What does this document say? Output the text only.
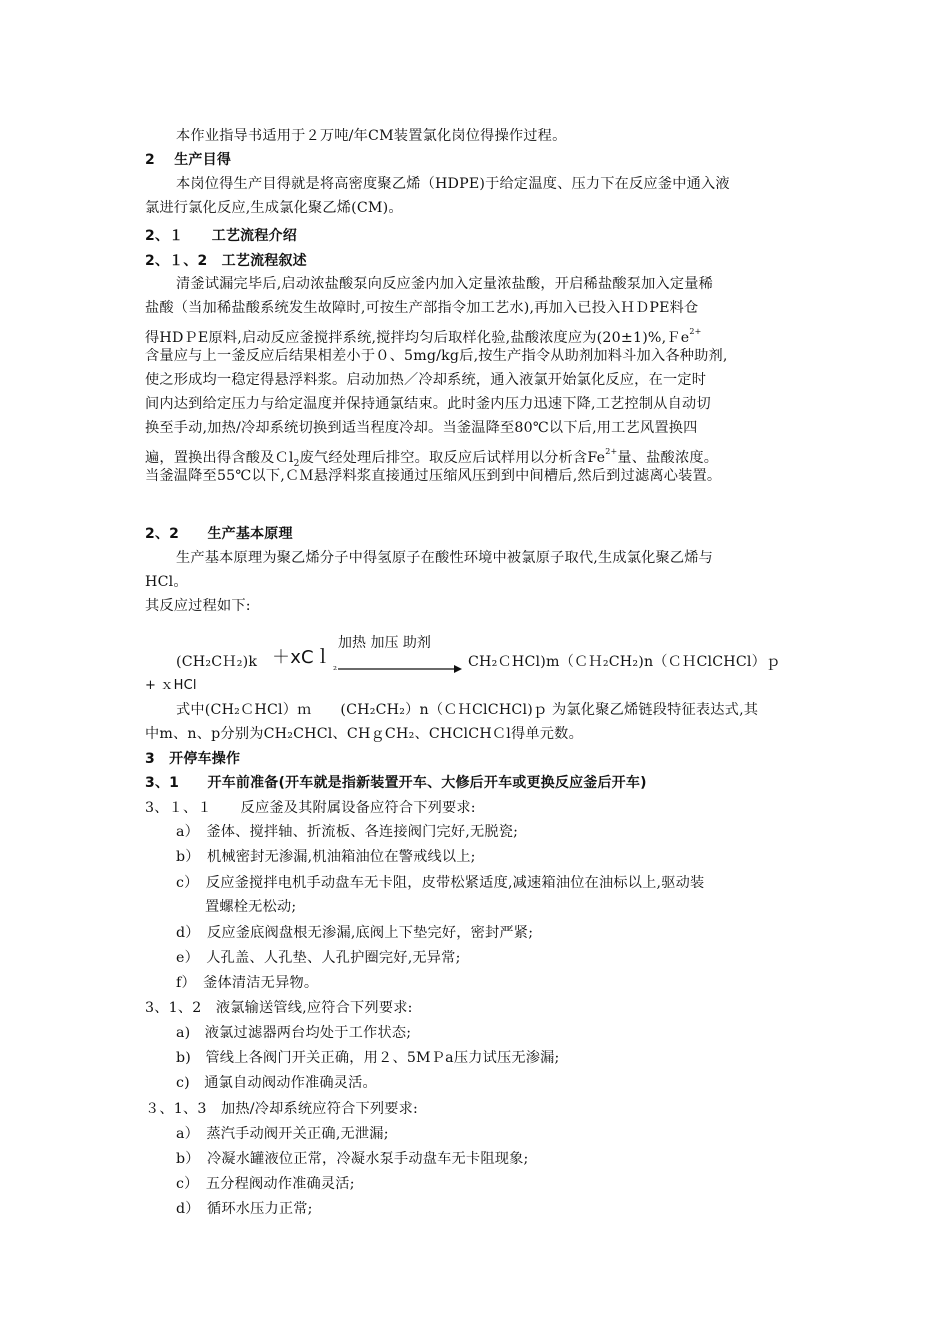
本作业指导书适用于２万吨/年CM装置氯化岗位得操作过程。
2　 生产目得
本岗位得生产目得就是将高密度聚乙烯（HDPE)于给定温度、压力下在反应釜中通入液
氯进行氯化反应,生成氯化聚乙烯(CM)。
2、１　　工艺流程介绍
2、１、2　工艺流程叙述
清釜试漏完毕后,启动浓盐酸泵向反应釜内加入定量浓盐酸，开启稀盐酸泵加入定量稀
盐酸（当加稀盐酸系统发生故障时,可按生产部指令加工艺水),再加入已投入ＨＤPE料仓
得HDＰE原料,启动反应釜搅拌系统,搅拌均匀后取样化验,盐酸浓度应为(20±1)%,Ｆe$^{2+}$
含量应与上一釜反应后结果相差小于０、5mg/kg后,按生产指令从助剂加料斗加入各种助剂,
使之形成均一稳定得悬浮料浆。启动加热／冷却系统，通入液氯开始氯化反应，在一定时
间内达到给定压力与给定温度并保持通氯结束。此时釜内压力迅速下降,工艺控制从自动切
换至手动,加热/冷却系统切换到适当程度冷却。当釜温降至80℃以下后,用工艺风置换四
遍，置换出得含酸及Ｃl$_2$废气经处理后排空。取反应后试样用以分析含$Fe^{2+}$量、盐酸浓度。
当釜温降至55℃以下,ＣＭ悬浮料浆直接通过压缩风压到到中间槽后,然后到过滤离心装置。
2、2　　生产基本原理
生产基本原理为聚乙烯分子中得氢原子在酸性环境中被氯原子取代,生成氯化聚乙烯与
HCl。
其反应过程如下:
加热 加压 助剂
(CH₂CＨ₂)k ＋xCｌ ₂	CH₂ＣHCl)m（ＣＨ₂CH₂)n（ＣＨClCHCl）ｐ
+ ｘHCl
式中(CH₂ＣHCl）ｍ　　(CH₂CH₂）n（ＣＨClCHCl)ｐ 为氯化聚乙烯链段特征表达式,其
中m、n、p分别为CH₂CHCl、CHｇCH₂、CHClCHＣl得单元数。
3　开停车操作
3、1　　开车前准备(开车就是指新装置开车、大修后开车或更换反应釜后开车)
3、１、１　　反应釜及其附属设备应符合下列要求:
a）　釜体、搅拌轴、折流板、各连接阀门完好,无脱瓷;
b）　机械密封无渗漏,机油箱油位在警戒线以上;
c）　反应釜搅拌电机手动盘车无卡阻，皮带松紧适度,减速箱油位在油标以上,驱动装
置螺栓无松动;
d）　反应釜底阀盘根无渗漏,底阀上下垫完好，密封严紧;
e）　人孔盖、人孔垫、人孔护圈完好,无异常;
f）　釜体清洁无异物。
3、1、2　液氯输送管线,应符合下列要求:
a)　液氯过滤器两台均处于工作状态;
b)　管线上各阀门开关正确，用２、5MＰa压力试压无渗漏;
c)　通氯自动阀动作准确灵活。
３、1、3　加热/冷却系统应符合下列要求:
a）　蒸汽手动阀开关正确,无泄漏;
b）　冷凝水罐液位正常，冷凝水泵手动盘车无卡阻现象;
c）　五分程阀动作准确灵活;
d）　循环水压力正常;
